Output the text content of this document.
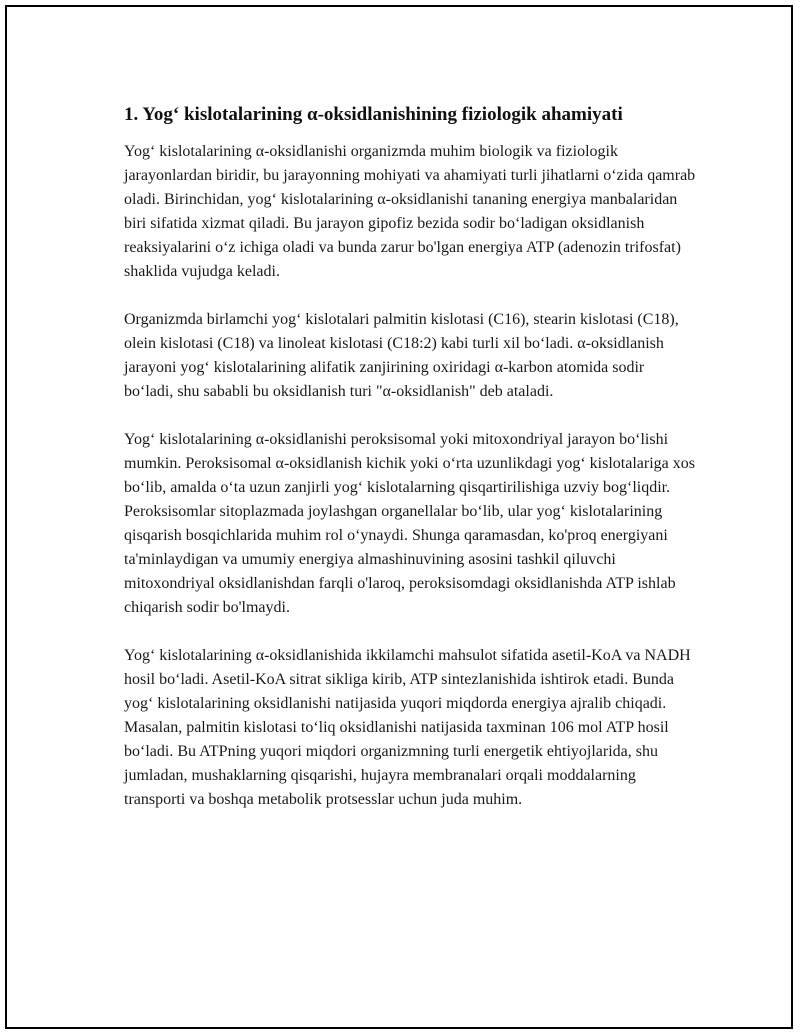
1. Yog‘ kislotalarining α-oksidlanishining fiziologik ahamiyati

Yog‘ kislotalarining α-oksidlanishi organizmda muhim biologik va fiziologik jarayonlardan biridir, bu jarayonning mohiyati va ahamiyati turli jihatlarni o‘zida qamrab oladi. Birinchidan, yog‘ kislotalarining α-oksidlanishi tananing energiya manbalaridan biri sifatida xizmat qiladi. Bu jarayon gipofiz bezida sodir bo‘ladigan oksidlanish reaksiyalarini o‘z ichiga oladi va bunda zarur bo'lgan energiya ATP (adenozin trifosfat) shaklida vujudga keladi.

Organizmda birlamchi yog‘ kislotalari palmitin kislotasi (C16), stearin kislotasi (C18), olein kislotasi (C18) va linoleat kislotasi (C18:2) kabi turli xil bo‘ladi. α-oksidlanish jarayoni yog‘ kislotalarining alifatik zanjirining oxiridagi α-karbon atomida sodir bo‘ladi, shu sababli bu oksidlanish turi "α-oksidlanish" deb ataladi.

Yog‘ kislotalarining α-oksidlanishi peroksisomal yoki mitoxondriyal jarayon bo‘lishi mumkin. Peroksisomal α-oksidlanish kichik yoki o‘rta uzunlikdagi yog‘ kislotalariga xos bo‘lib, amalda o‘ta uzun zanjirli yog‘ kislotalarning qisqartirilishiga uzviy bog‘liqdir. Peroksisomlar sitoplazmada joylashgan organellalar bo‘lib, ular yog‘ kislotalarining qisqarish bosqichlarida muhim rol o‘ynaydi. Shunga qaramasdan, ko'proq energiyani ta'minlaydigan va umumiy energiya almashinuvining asosini tashkil qiluvchi mitoxondriyal oksidlanishdan farqli o'laroq, peroksisomdagi oksidlanishda ATP ishlab chiqarish sodir bo'lmaydi.

Yog‘ kislotalarining α-oksidlanishida ikkilamchi mahsulot sifatida asetil-KoA va NADH hosil bo‘ladi. Asetil-KoA sitrat sikliga kirib, ATP sintezlanishida ishtirok etadi. Bunda yog‘ kislotalarining oksidlanishi natijasida yuqori miqdorda energiya ajralib chiqadi. Masalan, palmitin kislotasi to‘liq oksidlanishi natijasida taxminan 106 mol ATP hosil bo‘ladi. Bu ATPning yuqori miqdori organizmning turli energetik ehtiyojlarida, shu jumladan, mushaklarning qisqarishi, hujayra membranalari orqali moddalarning transporti va boshqa metabolik protsesslar uchun juda muhim.
